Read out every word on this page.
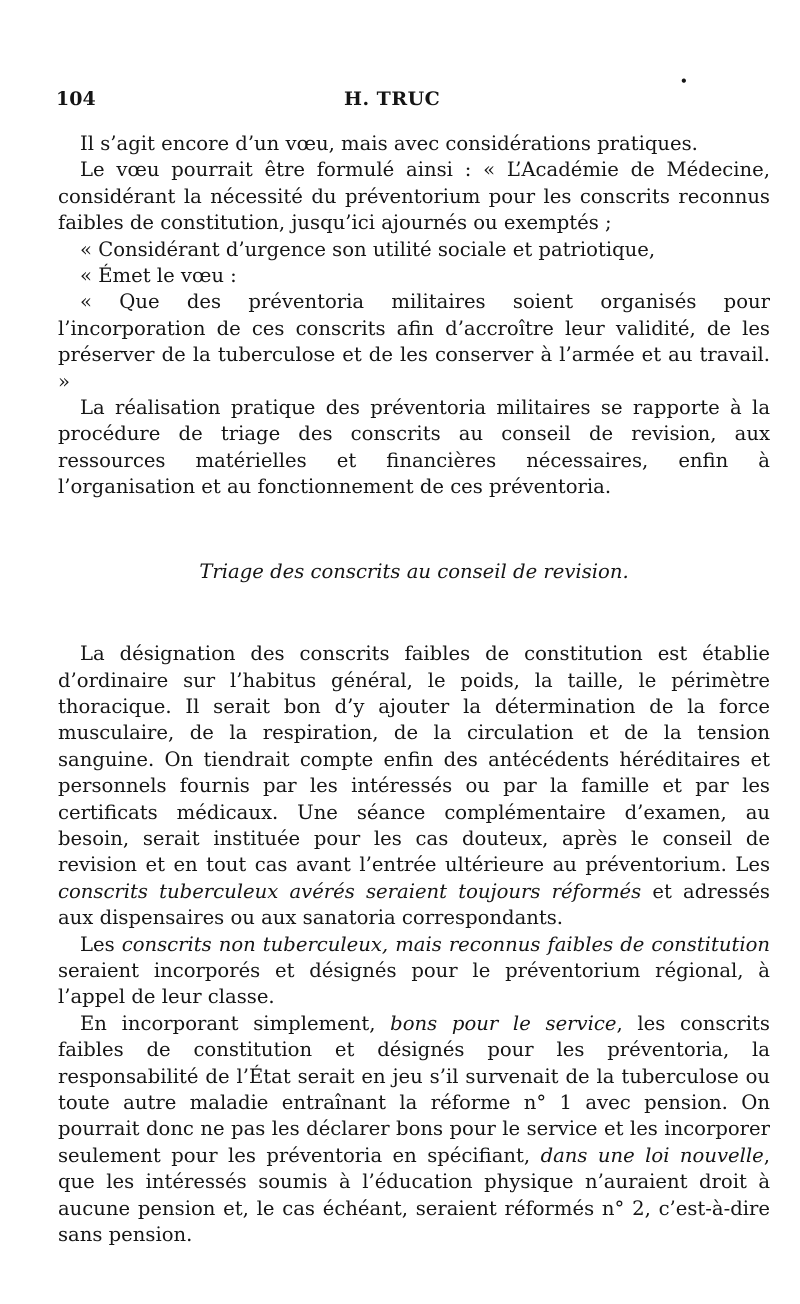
104	H. TRUC
•

Il s’agit encore d’un vœu, mais avec considérations pratiques.

Le vœu pourrait être formulé ainsi : « L’Académie de Médecine, considérant la nécessité du préventorium pour les conscrits reconnus faibles de constitution, jusqu’ici ajournés ou exemptés ;

« Considérant d’urgence son utilité sociale et patriotique,

« Émet le vœu :

« Que des préventoria militaires soient organisés pour l’incorporation de ces conscrits afin d’accroître leur validité, de les préserver de la tuberculose et de les conserver à l’armée et au travail. »

La réalisation pratique des préventoria militaires se rapporte à la procédure de triage des conscrits au conseil de revision, aux ressources matérielles et financières nécessaires, enfin à l’organisation et au fonctionnement de ces préventoria.

Triage des conscrits au conseil de revision.

La désignation des conscrits faibles de constitution est établie d’ordinaire sur l’habitus général, le poids, la taille, le périmètre thoracique. Il serait bon d’y ajouter la détermination de la force musculaire, de la respiration, de la circulation et de la tension sanguine. On tiendrait compte enfin des antécédents héréditaires et personnels fournis par les intéressés ou par la famille et par les certificats médicaux. Une séance complémentaire d’examen, au besoin, serait instituée pour les cas douteux, après le conseil de revision et en tout cas avant l’entrée ultérieure au préventorium. Les conscrits tuberculeux avérés seraient toujours réformés et adressés aux dispensaires ou aux sanatoria correspondants.

Les conscrits non tuberculeux, mais reconnus faibles de constitution seraient incorporés et désignés pour le préventorium régional, à l’appel de leur classe.

En incorporant simplement, bons pour le service, les conscrits faibles de constitution et désignés pour les préventoria, la responsabilité de l’État serait en jeu s’il survenait de la tuberculose ou toute autre maladie entraînant la réforme n° 1 avec pension. On pourrait donc ne pas les déclarer bons pour le service et les incorporer seulement pour les préventoria en spécifiant, dans une loi nouvelle, que les intéressés soumis à l’éducation physique n’auraient droit à aucune pension et, le cas échéant, seraient réformés n° 2, c’est-à-dire sans pension.
